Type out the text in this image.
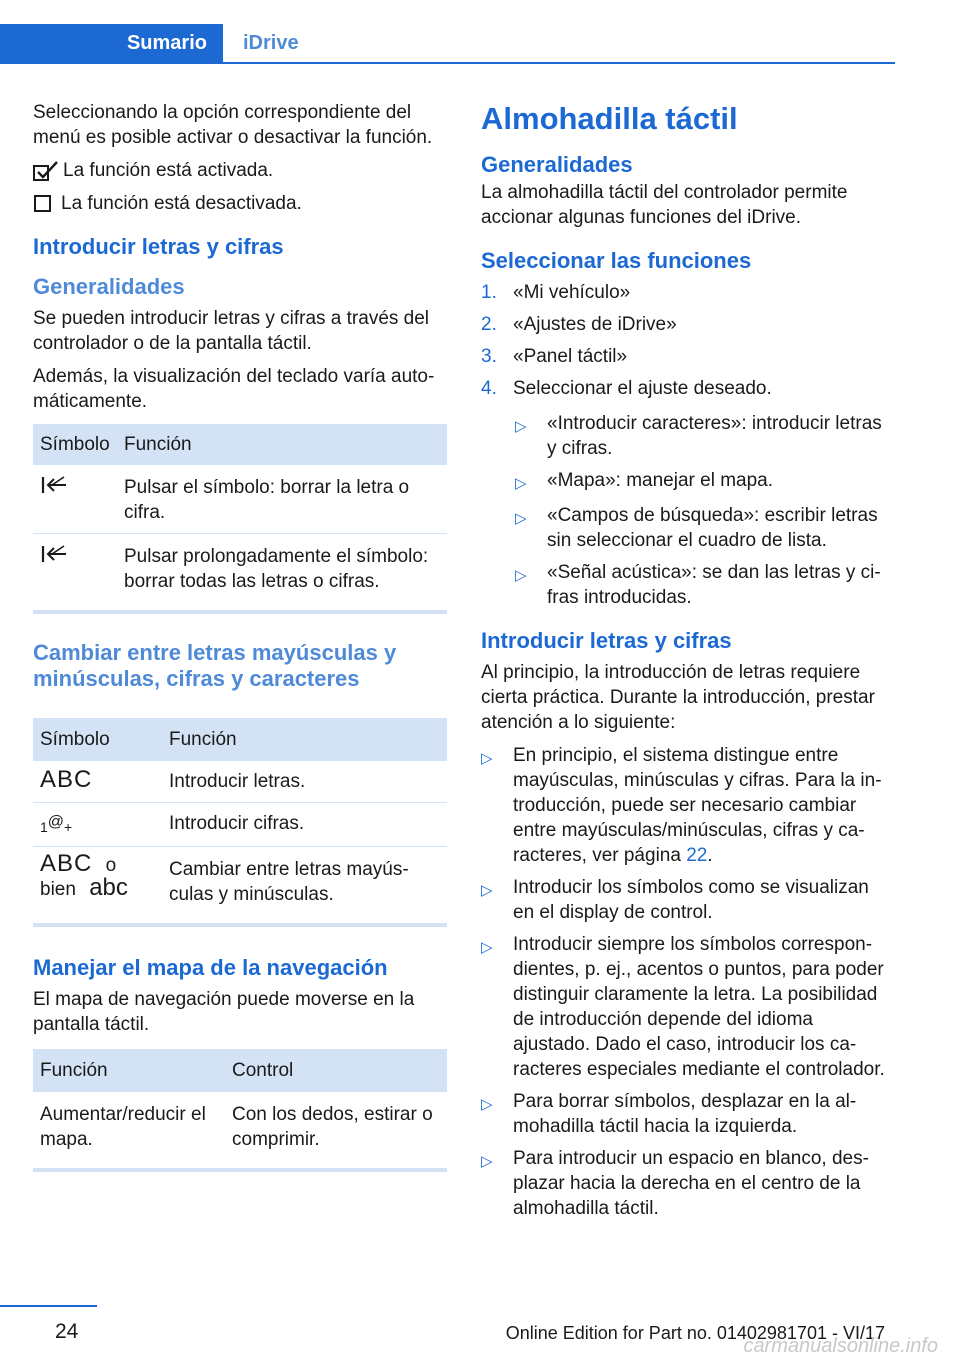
Sumario	iDrive

Seleccionando la opción correspondiente del menú es posible activar o desactivar la función.

La función está activada.
La función está desactivada.
Introducir letras y cifras
Generalidades

Se pueden introducir letras y cifras a través del controlador o de la pantalla táctil.

Además, la visualización del teclado varía automáticamente.

Símbolo	Función
	Pulsar el símbolo: borrar la letra o cifra.
	Pulsar prolongadamente el símbolo: borrar todas las letras o cifras.
Cambiar entre letras mayúsculas y minúsculas, cifras y caracteres
Símbolo	Función
ABC	Introducir letras.
1@+	Introducir cifras.
ABC o
bien abc	Cambiar entre letras mayúsculas y minúsculas.
Manejar el mapa de la navegación

El mapa de navegación puede moverse en la pantalla táctil.

Función	Control
Aumentar/reducir el mapa.	Con los dedos, estirar o comprimir.
Almohadilla táctil
Generalidades

La almohadilla táctil del controlador permite accionar algunas funciones del iDrive.

Seleccionar las funciones
1. «Mi vehículo»
2. «Ajustes de iDrive»
3. «Panel táctil»
4. Seleccionar el ajuste deseado.
▷	«Introducir caracteres»: introducir letras y cifras.
▷	«Mapa»: manejar el mapa.
▷	«Campos de búsqueda»: escribir letras sin seleccionar el cuadro de lista.
▷	«Señal acústica»: se dan las letras y cifras introducidas.
Introducir letras y cifras

Al principio, la introducción de letras requiere cierta práctica. Durante la introducción, prestar atención a lo siguiente:

▷	En principio, el sistema distingue entre mayúsculas, minúsculas y cifras. Para la introducción, puede ser necesario cambiar entre mayúsculas/minúsculas, cifras y caracteres, ver página 22.
▷	Introducir los símbolos como se visualizan en el display de control.
▷	Introducir siempre los símbolos correspondientes, p. ej., acentos o puntos, para poder distinguir claramente la letra. La posibilidad de introducción depende del idioma ajustado. Dado el caso, introducir los caracteres especiales mediante el controlador.
▷	Para borrar símbolos, desplazar en la almohadilla táctil hacia la izquierda.
▷	Para introducir un espacio en blanco, desplazar hacia la derecha en el centro de la almohadilla táctil.
24	Online Edition for Part no. 01402981701 - VI/17
carmanualsonline.info
